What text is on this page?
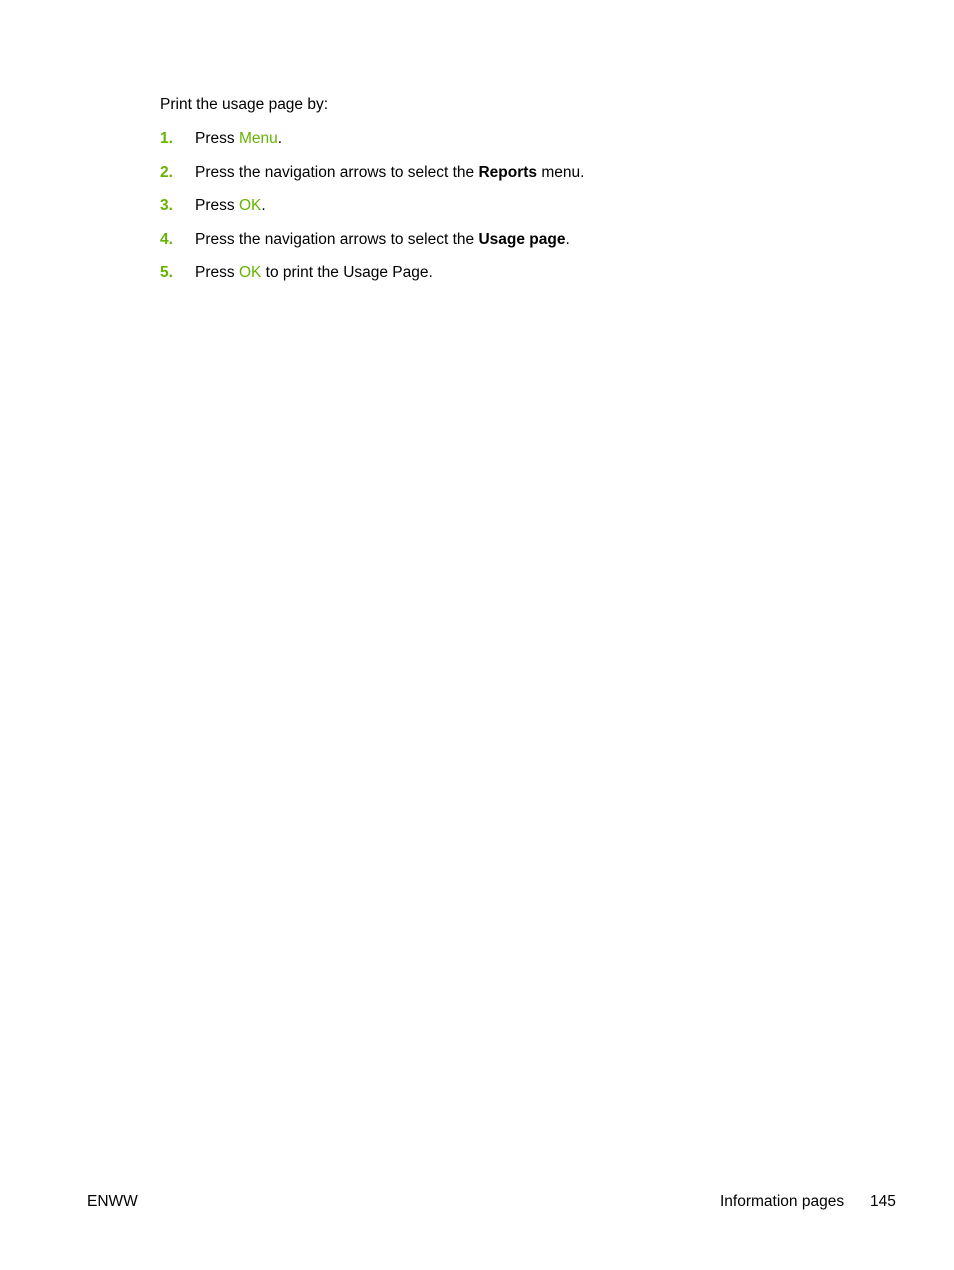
Print the usage page by:

1. Press Menu.
2. Press the navigation arrows to select the Reports menu.
3. Press OK.
4. Press the navigation arrows to select the Usage page.
5. Press OK to print the Usage Page.
ENWW	Information pages 145
